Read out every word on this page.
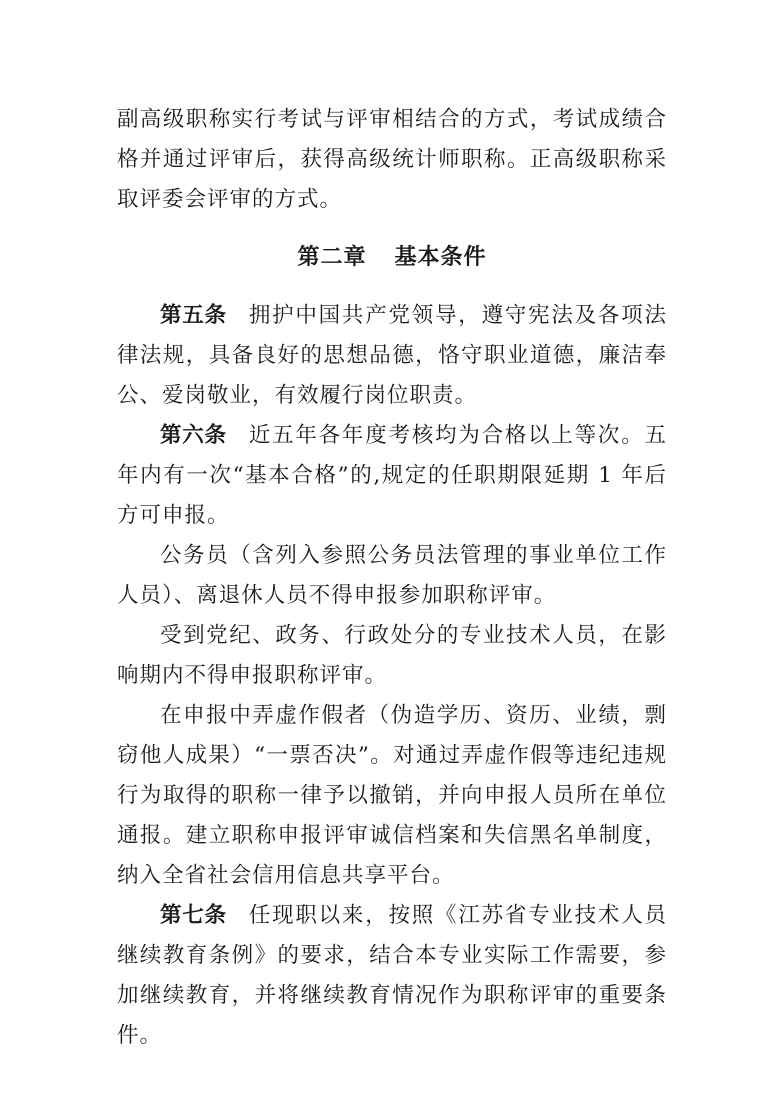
副高级职称实行考试与评审相结合的方式，考试成绩合格并通过评审后，获得高级统计师职称。正高级职称采取评委会评审的方式。

第二章 基本条件

第五条 拥护中国共产党领导，遵守宪法及各项法律法规，具备良好的思想品德，恪守职业道德，廉洁奉公、爱岗敬业，有效履行岗位职责。

第六条 近五年各年度考核均为合格以上等次。五年内有一次“基本合格”的,规定的任职期限延期 1 年后方可申报。

公务员（含列入参照公务员法管理的事业单位工作人员）、离退休人员不得申报参加职称评审。

受到党纪、政务、行政处分的专业技术人员，在影响期内不得申报职称评审。

在申报中弄虚作假者（伪造学历、资历、业绩，剽窃他人成果）“一票否决”。对通过弄虚作假等违纪违规行为取得的职称一律予以撤销，并向申报人员所在单位通报。建立职称申报评审诚信档案和失信黑名单制度，纳入全省社会信用信息共享平台。

第七条 任现职以来，按照《江苏省专业技术人员继续教育条例》的要求，结合本专业实际工作需要，参加继续教育，并将继续教育情况作为职称评审的重要条件。
